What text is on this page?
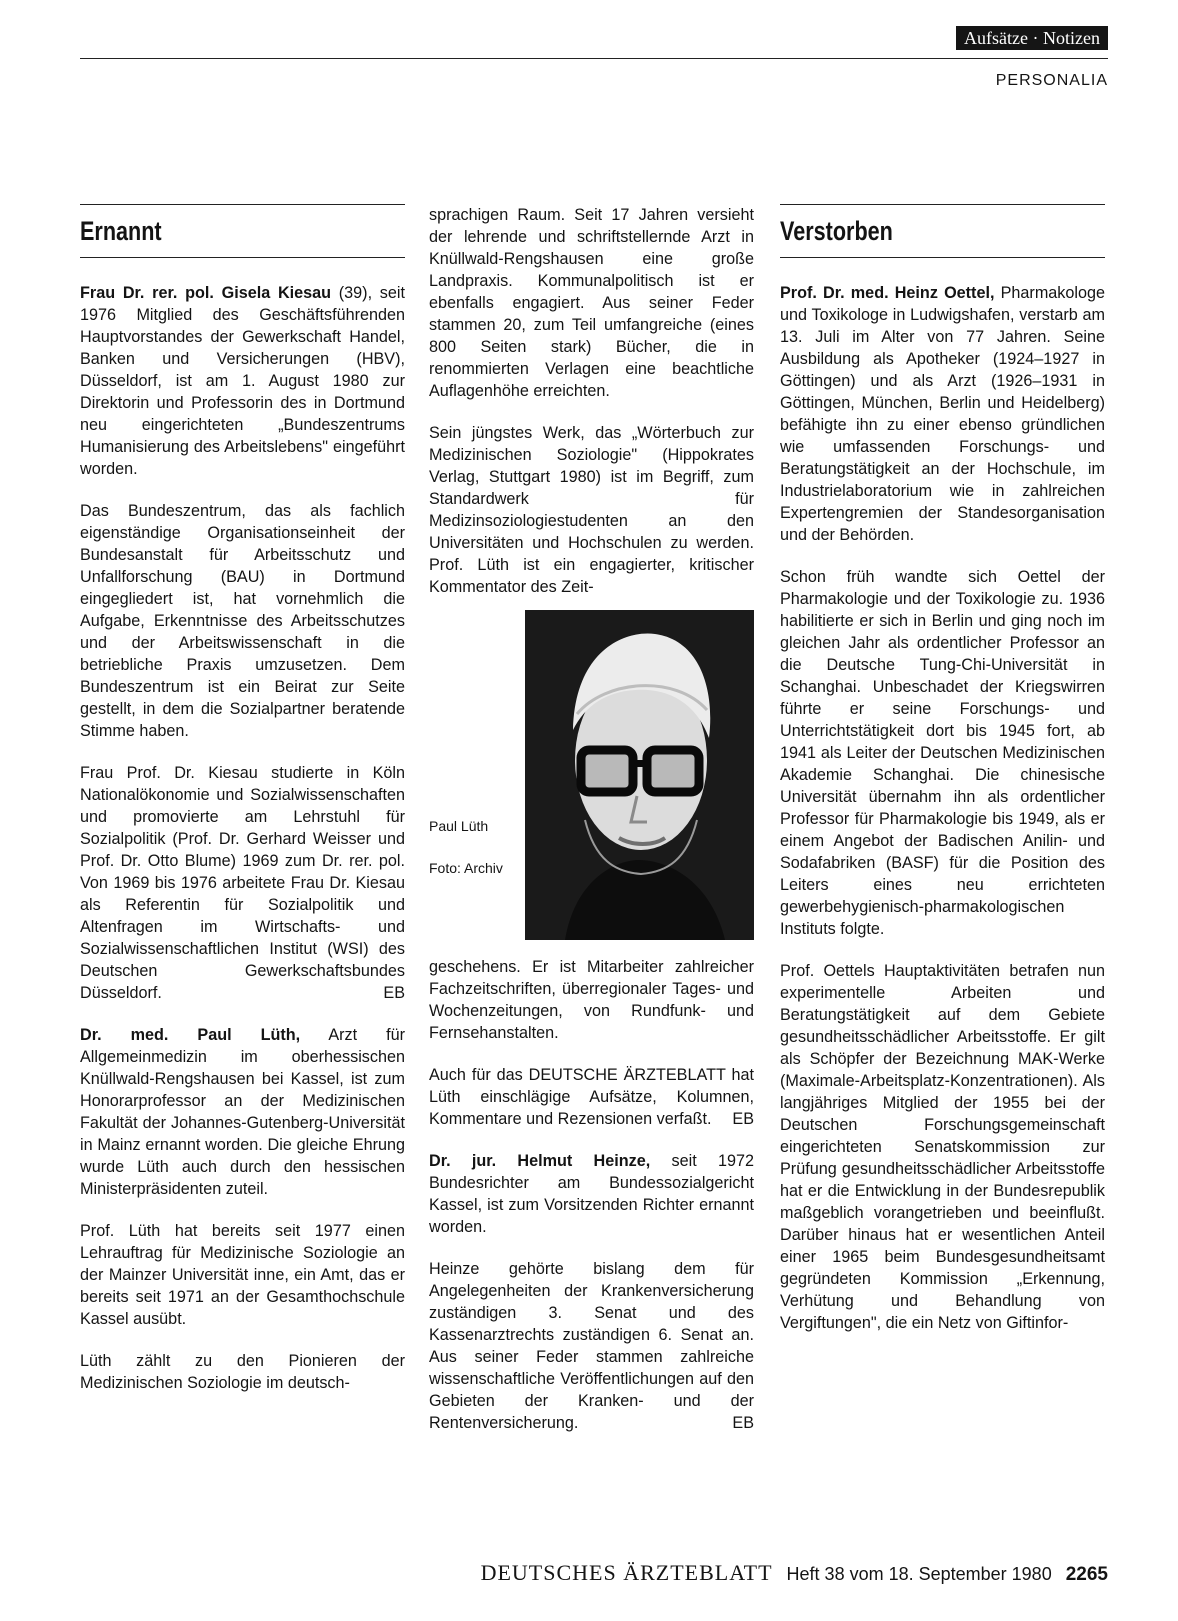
Aufsätze · Notizen
PERSONALIA
Ernannt

Frau Dr. rer. pol. Gisela Kiesau (39), seit 1976 Mitglied des Geschäftsführenden Hauptvorstandes der Gewerkschaft Handel, Banken und Versicherungen (HBV), Düsseldorf, ist am 1. August 1980 zur Direktorin und Professorin des in Dortmund neu eingerichteten „Bundeszentrums Humanisierung des Arbeitslebens" eingeführt worden.

Das Bundeszentrum, das als fachlich eigenständige Organisationseinheit der Bundesanstalt für Arbeitsschutz und Unfallforschung (BAU) in Dortmund eingegliedert ist, hat vornehmlich die Aufgabe, Erkenntnisse des Arbeitsschutzes und der Arbeitswissenschaft in die betriebliche Praxis umzusetzen. Dem Bundeszentrum ist ein Beirat zur Seite gestellt, in dem die Sozialpartner beratende Stimme haben.

Frau Prof. Dr. Kiesau studierte in Köln Nationalökonomie und Sozialwissenschaften und promovierte am Lehrstuhl für Sozialpolitik (Prof. Dr. Gerhard Weisser und Prof. Dr. Otto Blume) 1969 zum Dr. rer. pol. Von 1969 bis 1976 arbeitete Frau Dr. Kiesau als Referentin für Sozialpolitik und Altenfragen im Wirtschafts- und Sozialwissenschaftlichen Institut (WSI) des Deutschen Gewerkschaftsbundes Düsseldorf.	EB

Dr. med. Paul Lüth, Arzt für Allgemeinmedizin im oberhessischen Knüllwald-Rengshausen bei Kassel, ist zum Honorarprofessor an der Medizinischen Fakultät der Johannes-Gutenberg-Universität in Mainz ernannt worden. Die gleiche Ehrung wurde Lüth auch durch den hessischen Ministerpräsidenten zuteil.

Prof. Lüth hat bereits seit 1977 einen Lehrauftrag für Medizinische Soziologie an der Mainzer Universität inne, ein Amt, das er bereits seit 1971 an der Gesamthochschule Kassel ausübt.

Lüth zählt zu den Pionieren der Medizinischen Soziologie im deutsch-

sprachigen Raum. Seit 17 Jahren versieht der lehrende und schriftstellernde Arzt in Knüllwald-Rengshausen eine große Landpraxis. Kommunalpolitisch ist er ebenfalls engagiert. Aus seiner Feder stammen 20, zum Teil umfangreiche (eines 800 Seiten stark) Bücher, die in renommierten Verlagen eine beachtliche Auflagenhöhe erreichten.

Sein jüngstes Werk, das „Wörterbuch zur Medizinischen Soziologie" (Hippokrates Verlag, Stuttgart 1980) ist im Begriff, zum Standardwerk für Medizinsoziologiestudenten an den Universitäten und Hochschulen zu werden. Prof. Lüth ist ein engagierter, kritischer Kommentator des Zeit-

Paul Lüth
Foto: Archiv

geschehens. Er ist Mitarbeiter zahlreicher Fachzeitschriften, überregionaler Tages- und Wochenzeitungen, von Rundfunk- und Fernsehanstalten.

Auch für das DEUTSCHE ÄRZTEBLATT hat Lüth einschlägige Aufsätze, Kolumnen, Kommentare und Rezensionen verfaßt. EB

Dr. jur. Helmut Heinze, seit 1972 Bundesrichter am Bundessozialgericht Kassel, ist zum Vorsitzenden Richter ernannt worden.

Heinze gehörte bislang dem für Angelegenheiten der Krankenversicherung zuständigen 3. Senat und des Kassenarztrechts zuständigen 6. Senat an. Aus seiner Feder stammen zahlreiche wissenschaftliche Veröffentlichungen auf den Gebieten der Kranken- und der Rentenversicherung.	EB

Verstorben

Prof. Dr. med. Heinz Oettel, Pharmakologe und Toxikologe in Ludwigshafen, verstarb am 13. Juli im Alter von 77 Jahren. Seine Ausbildung als Apotheker (1924–1927 in Göttingen) und als Arzt (1926–1931 in Göttingen, München, Berlin und Heidelberg) befähigte ihn zu einer ebenso gründlichen wie umfassenden Forschungs- und Beratungstätigkeit an der Hochschule, im Industrielaboratorium wie in zahlreichen Expertengremien der Standesorganisation und der Behörden.

Schon früh wandte sich Oettel der Pharmakologie und der Toxikologie zu. 1936 habilitierte er sich in Berlin und ging noch im gleichen Jahr als ordentlicher Professor an die Deutsche Tung-Chi-Universität in Schanghai. Unbeschadet der Kriegswirren führte er seine Forschungs- und Unterrichtstätigkeit dort bis 1945 fort, ab 1941 als Leiter der Deutschen Medizinischen Akademie Schanghai. Die chinesische Universität übernahm ihn als ordentlicher Professor für Pharmakologie bis 1949, als er einem Angebot der Badischen Anilin- und Sodafabriken (BASF) für die Position des Leiters eines neu errichteten gewerbehygienisch-pharmakologischen Instituts folgte.

Prof. Oettels Hauptaktivitäten betrafen nun experimentelle Arbeiten und Beratungstätigkeit auf dem Gebiete gesundheitsschädlicher Arbeitsstoffe. Er gilt als Schöpfer der Bezeichnung MAK-Werke (Maximale-Arbeitsplatz-Konzentrationen). Als langjähriges Mitglied der 1955 bei der Deutschen Forschungsgemeinschaft eingerichteten Senatskommission zur Prüfung gesundheitsschädlicher Arbeitsstoffe hat er die Entwicklung in der Bundesrepublik maßgeblich vorangetrieben und beeinflußt. Darüber hinaus hat er wesentlichen Anteil einer 1965 beim Bundesgesundheitsamt gegründeten Kommission „Erkennung, Verhütung und Behandlung von Vergiftungen", die ein Netz von Giftinfor-

DEUTSCHES ÄRZTEBLATT Heft 38 vom 18. September 1980 2265
